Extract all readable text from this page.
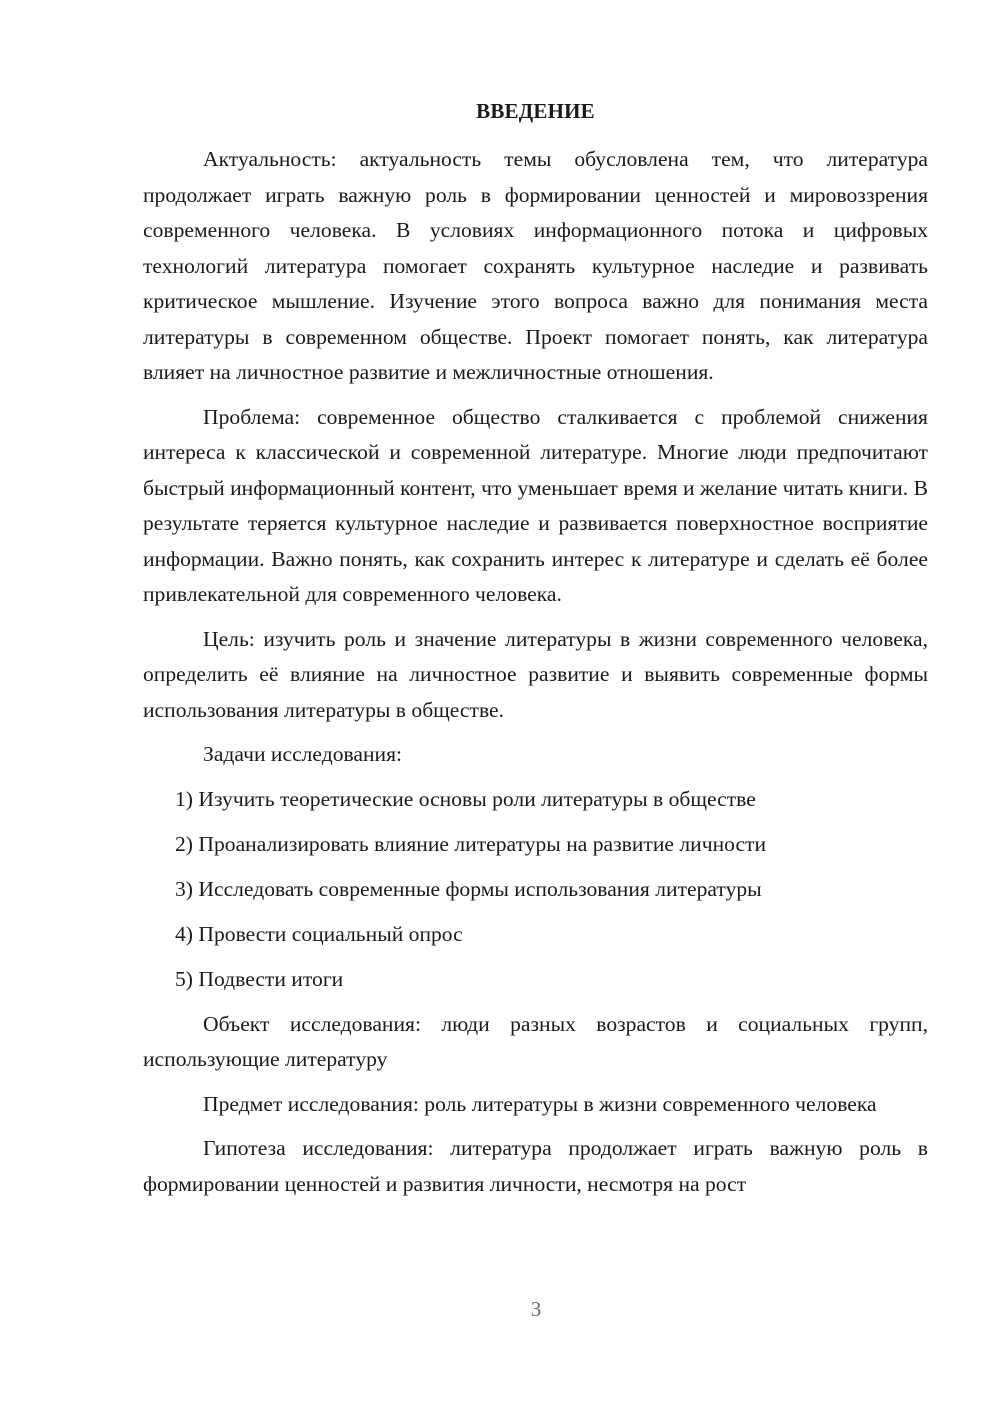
ВВЕДЕНИЕ

Актуальность: актуальность темы обусловлена тем, что литература продолжает играть важную роль в формировании ценностей и мировоззрения современного человека. В условиях информационного потока и цифровых технологий литература помогает сохранять культурное наследие и развивать критическое мышление. Изучение этого вопроса важно для понимания места литературы в современном обществе. Проект помогает понять, как литература влияет на личностное развитие и межличностные отношения.

Проблема: современное общество сталкивается с проблемой снижения интереса к классической и современной литературе. Многие люди предпочитают быстрый информационный контент, что уменьшает время и желание читать книги. В результате теряется культурное наследие и развивается поверхностное восприятие информации. Важно понять, как сохранить интерес к литературе и сделать её более привлекательной для современного человека.

Цель: изучить роль и значение литературы в жизни современного человека, определить её влияние на личностное развитие и выявить современные формы использования литературы в обществе.

Задачи исследования:

1) Изучить теоретические основы роли литературы в обществе
2) Проанализировать влияние литературы на развитие личности
3) Исследовать современные формы использования литературы
4) Провести социальный опрос
5) Подвести итоги

Объект исследования: люди разных возрастов и социальных групп, использующие литературу

Предмет исследования: роль литературы в жизни современного человека

Гипотеза исследования: литература продолжает играть важную роль в формировании ценностей и развития личности, несмотря на рост

3
